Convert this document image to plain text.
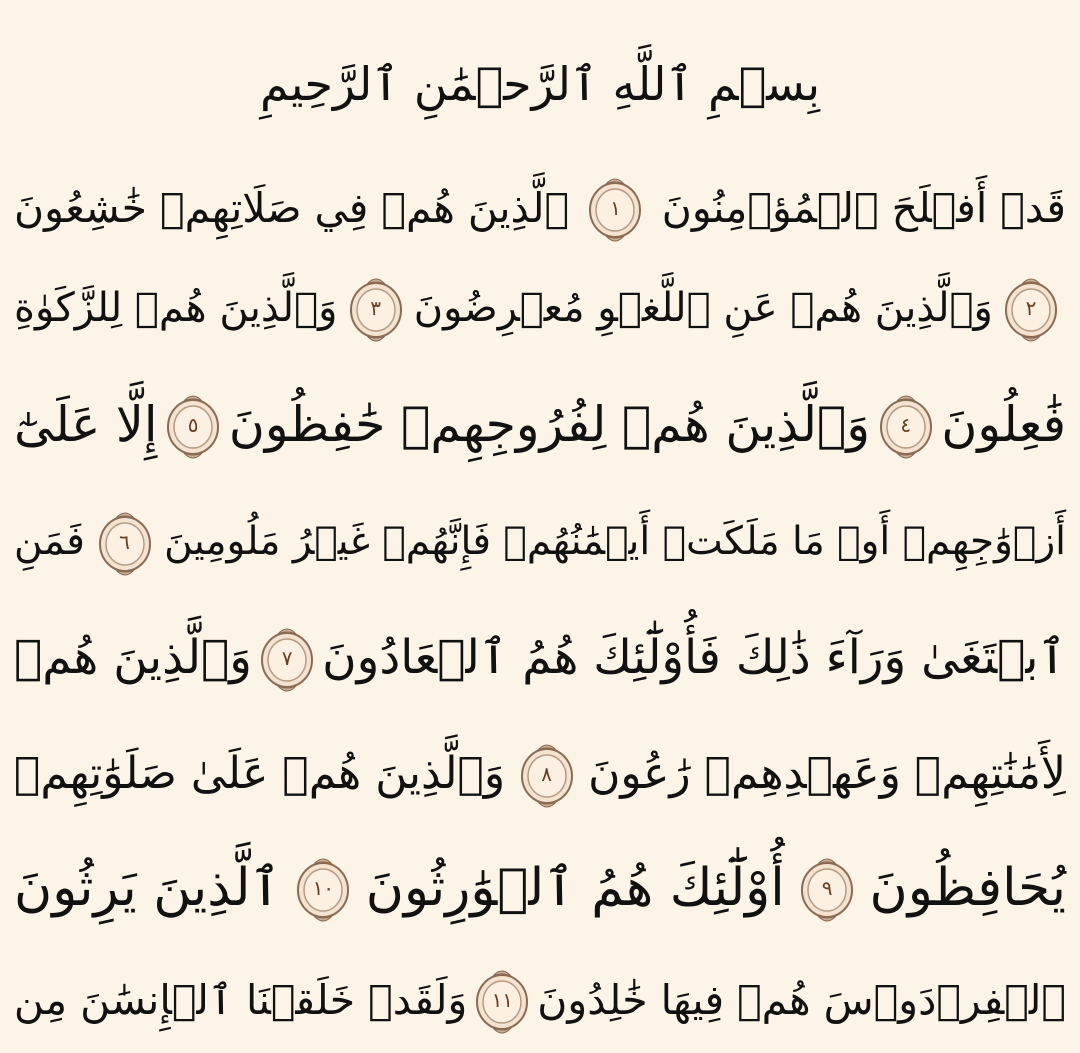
بِسۡمِ ٱللَّهِ ٱلرَّحۡمَٰنِ ٱلرَّحِيمِ
قَدۡ أَفۡلَحَ ٱلۡمُؤۡمِنُونَ
١
ٱلَّذِينَ هُمۡ فِي صَلَاتِهِمۡ خَٰشِعُونَ
٢
وَٱلَّذِينَ هُمۡ عَنِ ٱللَّغۡوِ مُعۡرِضُونَ
٣
وَٱلَّذِينَ هُمۡ لِلزَّكَوٰةِ
فَٰعِلُونَ
٤
وَٱلَّذِينَ هُمۡ لِفُرُوجِهِمۡ حَٰفِظُونَ
٥
إِلَّا عَلَىٰٓ
أَزۡوَٰجِهِمۡ أَوۡ مَا مَلَكَتۡ أَيۡمَٰنُهُمۡ فَإِنَّهُمۡ غَيۡرُ مَلُومِينَ
٦
فَمَنِ
ٱبۡتَغَىٰ وَرَآءَ ذَٰلِكَ فَأُوْلَٰٓئِكَ هُمُ ٱلۡعَادُونَ
٧
وَٱلَّذِينَ هُمۡ
لِأَمَٰنَٰتِهِمۡ وَعَهۡدِهِمۡ رَٰعُونَ
٨
وَٱلَّذِينَ هُمۡ عَلَىٰ صَلَوَٰتِهِمۡ
يُحَافِظُونَ
٩
أُوْلَٰٓئِكَ هُمُ ٱلۡوَٰرِثُونَ
١٠
ٱلَّذِينَ يَرِثُونَ
ٱلۡفِرۡدَوۡسَ هُمۡ فِيهَا خَٰلِدُونَ
١١
وَلَقَدۡ خَلَقۡنَا ٱلۡإِنسَٰنَ مِن
